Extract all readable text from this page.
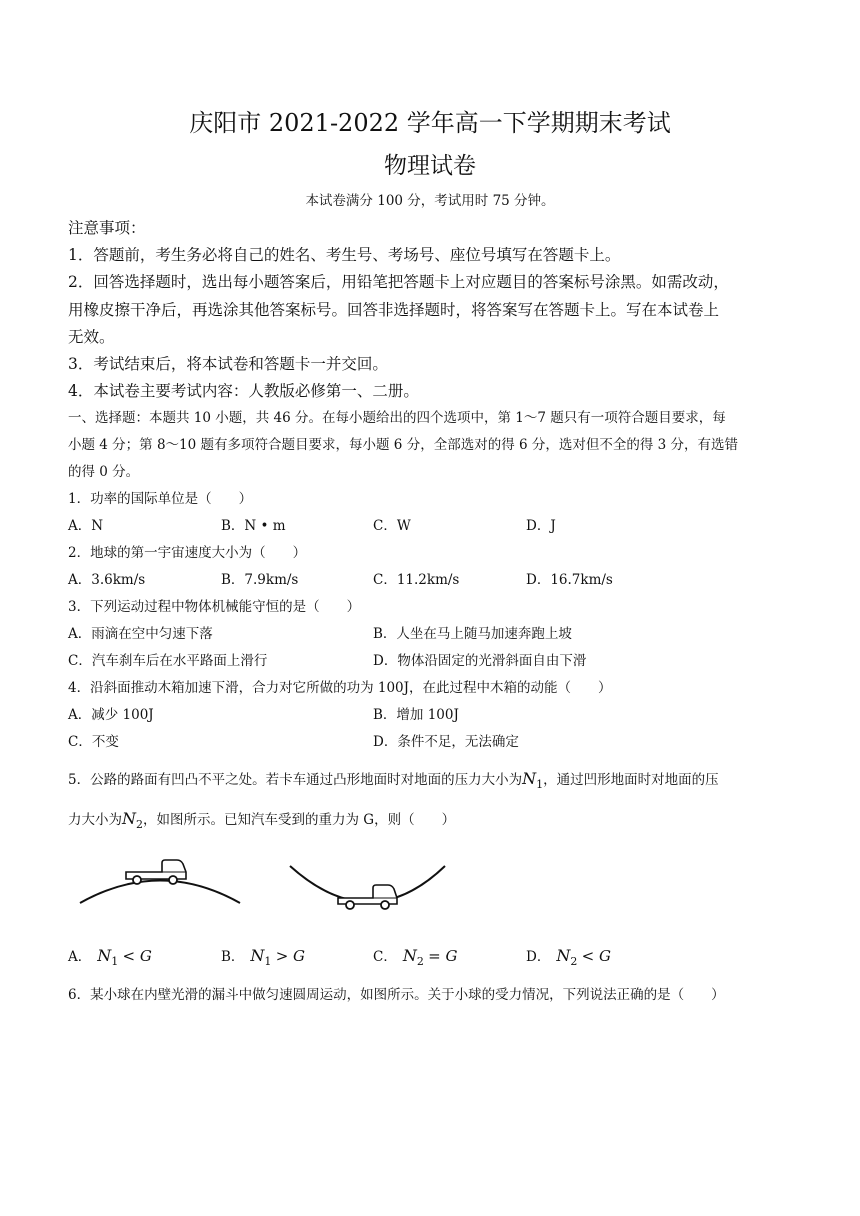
庆阳市 2021-2022 学年高一下学期期末考试
物理试卷
本试卷满分 100 分，考试用时 75 分钟。
注意事项：
1．答题前，考生务必将自己的姓名、考生号、考场号、座位号填写在答题卡上。
2．回答选择题时，选出每小题答案后，用铅笔把答题卡上对应题目的答案标号涂黑。如需改动，
用橡皮擦干净后，再选涂其他答案标号。回答非选择题时，将答案写在答题卡上。写在本试卷上
无效。
3．考试结束后，将本试卷和答题卡一并交回。
4．本试卷主要考试内容：人教版必修第一、二册。
一、选择题：本题共 10 小题，共 46 分。在每小题给出的四个选项中，第 1～7 题只有一项符合题目要求，每
小题 4 分；第 8～10 题有多项符合题目要求，每小题 6 分，全部选对的得 6 分，选对但不全的得 3 分，有选错
的得 0 分。
1．功率的国际单位是（　　）
A．N	B．N • m	C．W	D．J
2．地球的第一宇宙速度大小为（　　）
A．3.6km/s	B．7.9km/s	C．11.2km/s	D．16.7km/s
3．下列运动过程中物体机械能守恒的是（　　）
A．雨滴在空中匀速下落	B．人坐在马上随马加速奔跑上坡
C．汽车刹车后在水平路面上滑行	D．物体沿固定的光滑斜面自由下滑
4．沿斜面推动木箱加速下滑，合力对它所做的功为 100J，在此过程中木箱的动能（　　）
A．减少 100J	B．增加 100J
C．不变	D．条件不足，无法确定
5．公路的路面有凹凸不平之处。若卡车通过凸形地面时对地面的压力大小为$N_1$，通过凹形地面时对地面的压
力大小为$N_2$，如图所示。已知汽车受到的重力为 G，则（　　）
A． $N_1 < G$	B． $N_1 > G$	C． $N_2 = G$	D． $N_2 < G$
6．某小球在内壁光滑的漏斗中做匀速圆周运动，如图所示。关于小球的受力情况，下列说法正确的是（　　）
